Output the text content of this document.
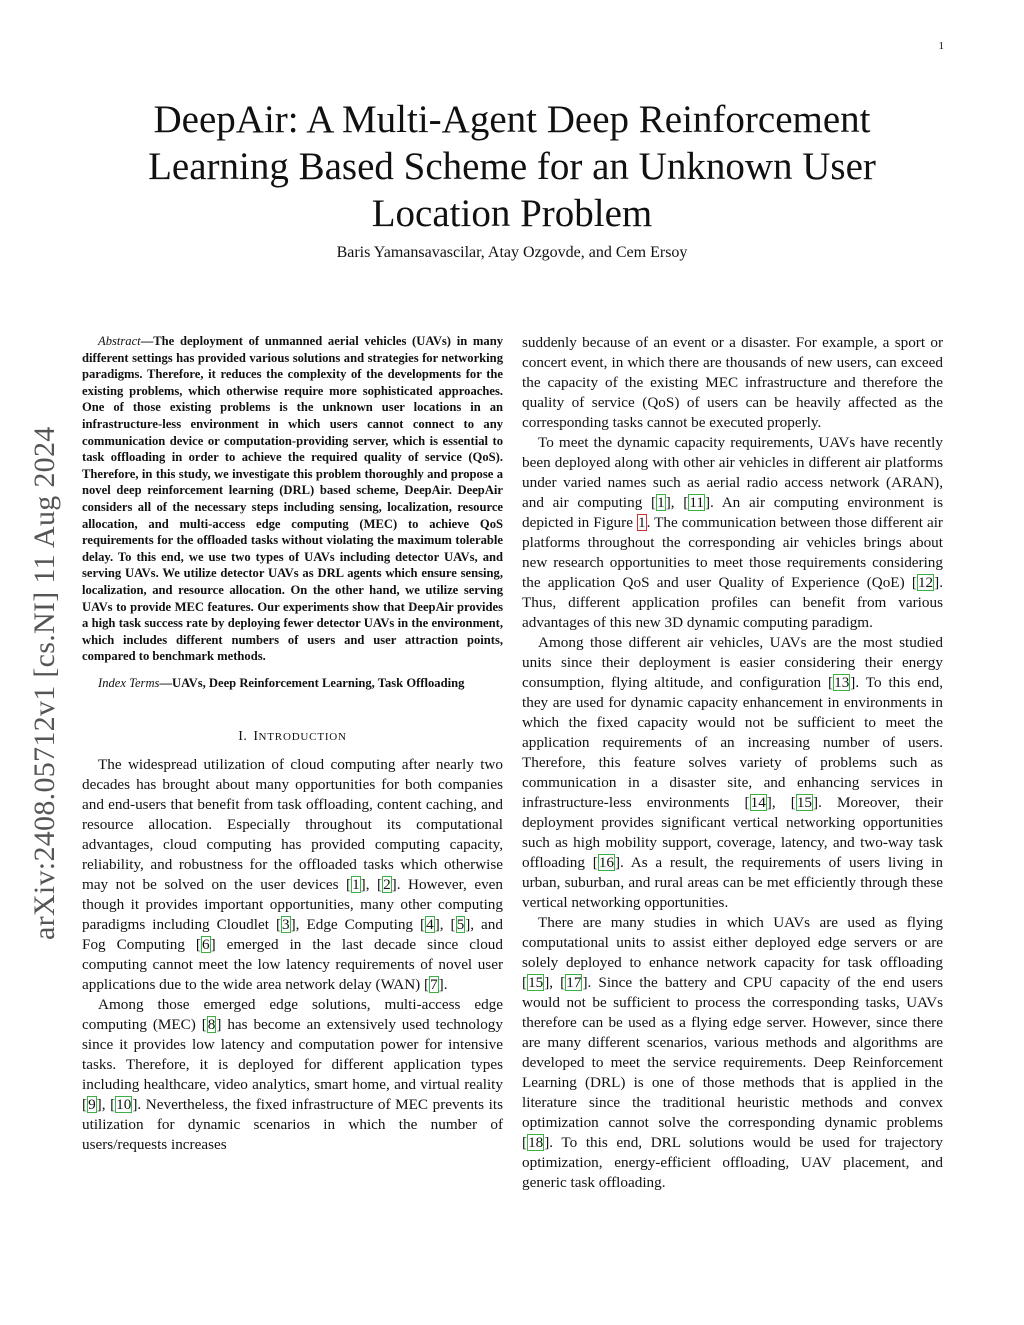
1
arXiv:2408.05712v1 [cs.NI] 11 Aug 2024
DeepAir: A Multi-Agent Deep Reinforcement
Learning Based Scheme for an Unknown User
Location Problem
Baris Yamansavascilar, Atay Ozgovde, and Cem Ersoy

Abstract—The deployment of unmanned aerial vehicles (UAVs) in many different settings has provided various solutions and strategies for networking paradigms. Therefore, it reduces the complexity of the developments for the existing problems, which otherwise require more sophisticated approaches. One of those existing problems is the unknown user locations in an infrastructure-less environment in which users cannot connect to any communication device or computation-providing server, which is essential to task offloading in order to achieve the required quality of service (QoS). Therefore, in this study, we investigate this problem thoroughly and propose a novel deep reinforcement learning (DRL) based scheme, DeepAir. DeepAir considers all of the necessary steps including sensing, localization, resource allocation, and multi-access edge computing (MEC) to achieve QoS requirements for the offloaded tasks without violating the maximum tolerable delay. To this end, we use two types of UAVs including detector UAVs, and serving UAVs. We utilize detector UAVs as DRL agents which ensure sensing, localization, and resource allocation. On the other hand, we utilize serving UAVs to provide MEC features. Our experiments show that DeepAir provides a high task success rate by deploying fewer detector UAVs in the environment, which includes different numbers of users and user attraction points, compared to benchmark methods.

Index Terms—UAVs, Deep Reinforcement Learning, Task Offloading

I. INTRODUCTION

The widespread utilization of cloud computing after nearly two decades has brought about many opportunities for both companies and end-users that benefit from task offloading, content caching, and resource allocation. Especially throughout its computational advantages, cloud computing has provided computing capacity, reliability, and robustness for the offloaded tasks which otherwise may not be solved on the user devices [1], [2]. However, even though it provides important opportunities, many other computing paradigms including Cloudlet [3], Edge Computing [4], [5], and Fog Computing [6] emerged in the last decade since cloud computing cannot meet the low latency requirements of novel user applications due to the wide area network delay (WAN) [7].

Among those emerged edge solutions, multi-access edge computing (MEC) [8] has become an extensively used technology since it provides low latency and computation power for intensive tasks. Therefore, it is deployed for different application types including healthcare, video analytics, smart home, and virtual reality [9], [10]. Nevertheless, the fixed infrastructure of MEC prevents its utilization for dynamic scenarios in which the number of users/requests increases

suddenly because of an event or a disaster. For example, a sport or concert event, in which there are thousands of new users, can exceed the capacity of the existing MEC infrastructure and therefore the quality of service (QoS) of users can be heavily affected as the corresponding tasks cannot be executed properly.

To meet the dynamic capacity requirements, UAVs have recently been deployed along with other air vehicles in different air platforms under varied names such as aerial radio access network (ARAN), and air computing [1], [11]. An air computing environment is depicted in Figure 1. The communication between those different air platforms throughout the corresponding air vehicles brings about new research opportunities to meet those requirements considering the application QoS and user Quality of Experience (QoE) [12]. Thus, different application profiles can benefit from various advantages of this new 3D dynamic computing paradigm.

Among those different air vehicles, UAVs are the most studied units since their deployment is easier considering their energy consumption, flying altitude, and configuration [13]. To this end, they are used for dynamic capacity enhancement in environments in which the fixed capacity would not be sufficient to meet the application requirements of an increasing number of users. Therefore, this feature solves variety of problems such as communication in a disaster site, and enhancing services in infrastructure-less environments [14], [15]. Moreover, their deployment provides significant vertical networking opportunities such as high mobility support, coverage, latency, and two-way task offloading [16]. As a result, the requirements of users living in urban, suburban, and rural areas can be met efficiently through these vertical networking opportunities.

There are many studies in which UAVs are used as flying computational units to assist either deployed edge servers or are solely deployed to enhance network capacity for task offloading [15], [17]. Since the battery and CPU capacity of the end users would not be sufficient to process the corresponding tasks, UAVs therefore can be used as a flying edge server. However, since there are many different scenarios, various methods and algorithms are developed to meet the service requirements. Deep Reinforcement Learning (DRL) is one of those methods that is applied in the literature since the traditional heuristic methods and convex optimization cannot solve the corresponding dynamic problems [18]. To this end, DRL solutions would be used for trajectory optimization, energy-efficient offloading, UAV placement, and generic task offloading.
